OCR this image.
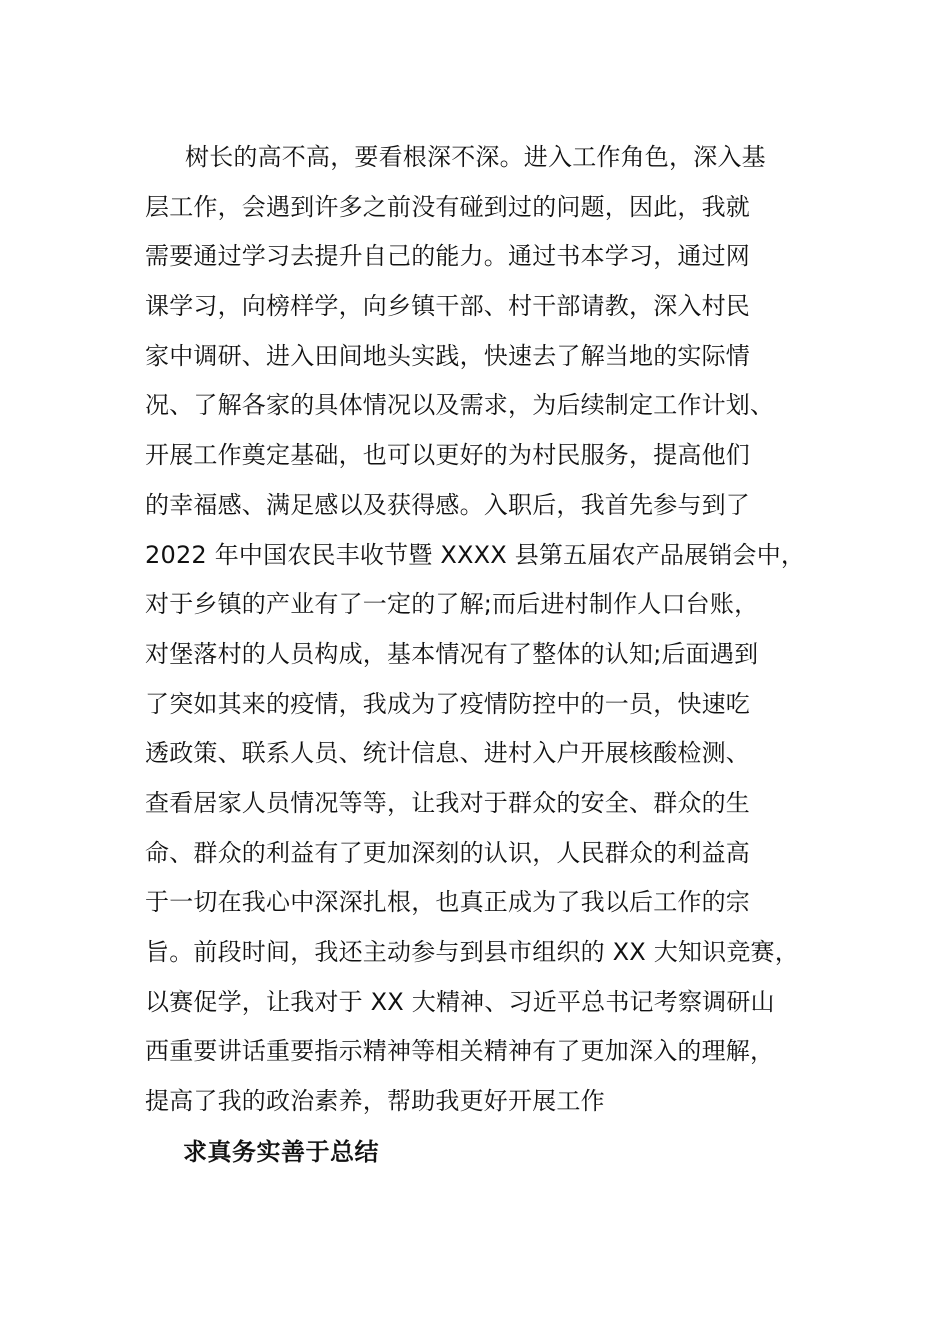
树长的高不高，要看根深不深。进入工作角色，深入基
层工作，会遇到许多之前没有碰到过的问题，因此，我就
需要通过学习去提升自己的能力。通过书本学习，通过网
课学习，向榜样学，向乡镇干部、村干部请教，深入村民
家中调研、进入田间地头实践，快速去了解当地的实际情
况、了解各家的具体情况以及需求，为后续制定工作计划、
开展工作奠定基础，也可以更好的为村民服务，提高他们
的幸福感、满足感以及获得感。入职后，我首先参与到了
2022 年中国农民丰收节暨 XXXX 县第五届农产品展销会中，
对于乡镇的产业有了一定的了解;而后进村制作人口台账，
对堡落村的人员构成，基本情况有了整体的认知;后面遇到
了突如其来的疫情，我成为了疫情防控中的一员，快速吃
透政策、联系人员、统计信息、进村入户开展核酸检测、
查看居家人员情况等等，让我对于群众的安全、群众的生
命、群众的利益有了更加深刻的认识，人民群众的利益高
于一切在我心中深深扎根，也真正成为了我以后工作的宗
旨。前段时间，我还主动参与到县市组织的 XX 大知识竞赛，
以赛促学，让我对于 XX 大精神、习近平总书记考察调研山
西重要讲话重要指示精神等相关精神有了更加深入的理解，
提高了我的政治素养，帮助我更好开展工作
求真务实善于总结
